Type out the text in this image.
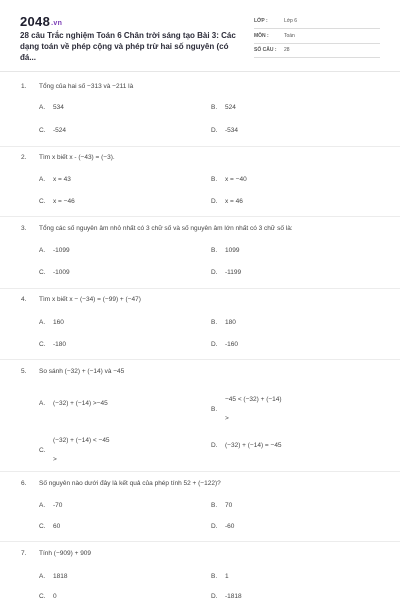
2048.vn
28 câu Trắc nghiệm Toán 6 Chân trời sáng tạo Bài 3: Các dạng toán về phép cộng và phép trừ hai số nguyên (có đá...
LỚP :	Lớp 6
MÔN :	Toán
SỐ CÂU : 28
1. Tổng của hai số −313 và −211 là
A. 534	B. 524
C. -524	D. -534
2. Tìm x biết x - (−43) = (−3).
A. x = 43	B. x = −40
C. x = −46	D. x = 46
3. Tổng các số nguyên âm nhỏ nhất có 3 chữ số và số nguyên âm lớn nhất có 3 chữ số là:
A. -1099	B. 1099
C. -1009	D. -1199
4. Tìm x biết x − (−34) = (−99) + (−47)
A. 160	B. 180
C. -180	D. -160
5. So sánh (−32) + (−14) và −45
A. (−32) + (−14) >−45
B.
−45 < (−32) + (−14)
>
C.
(−32) + (−14) < −45
>
D. (−32) + (−14) = −45
6. Số nguyên nào dưới đây là kết quả của phép tính 52 + (−122)?
A. -70	B. 70
C. 60	D. -60
7. Tính (−909) + 909
A. 1818	B. 1
C. 0	D. -1818
